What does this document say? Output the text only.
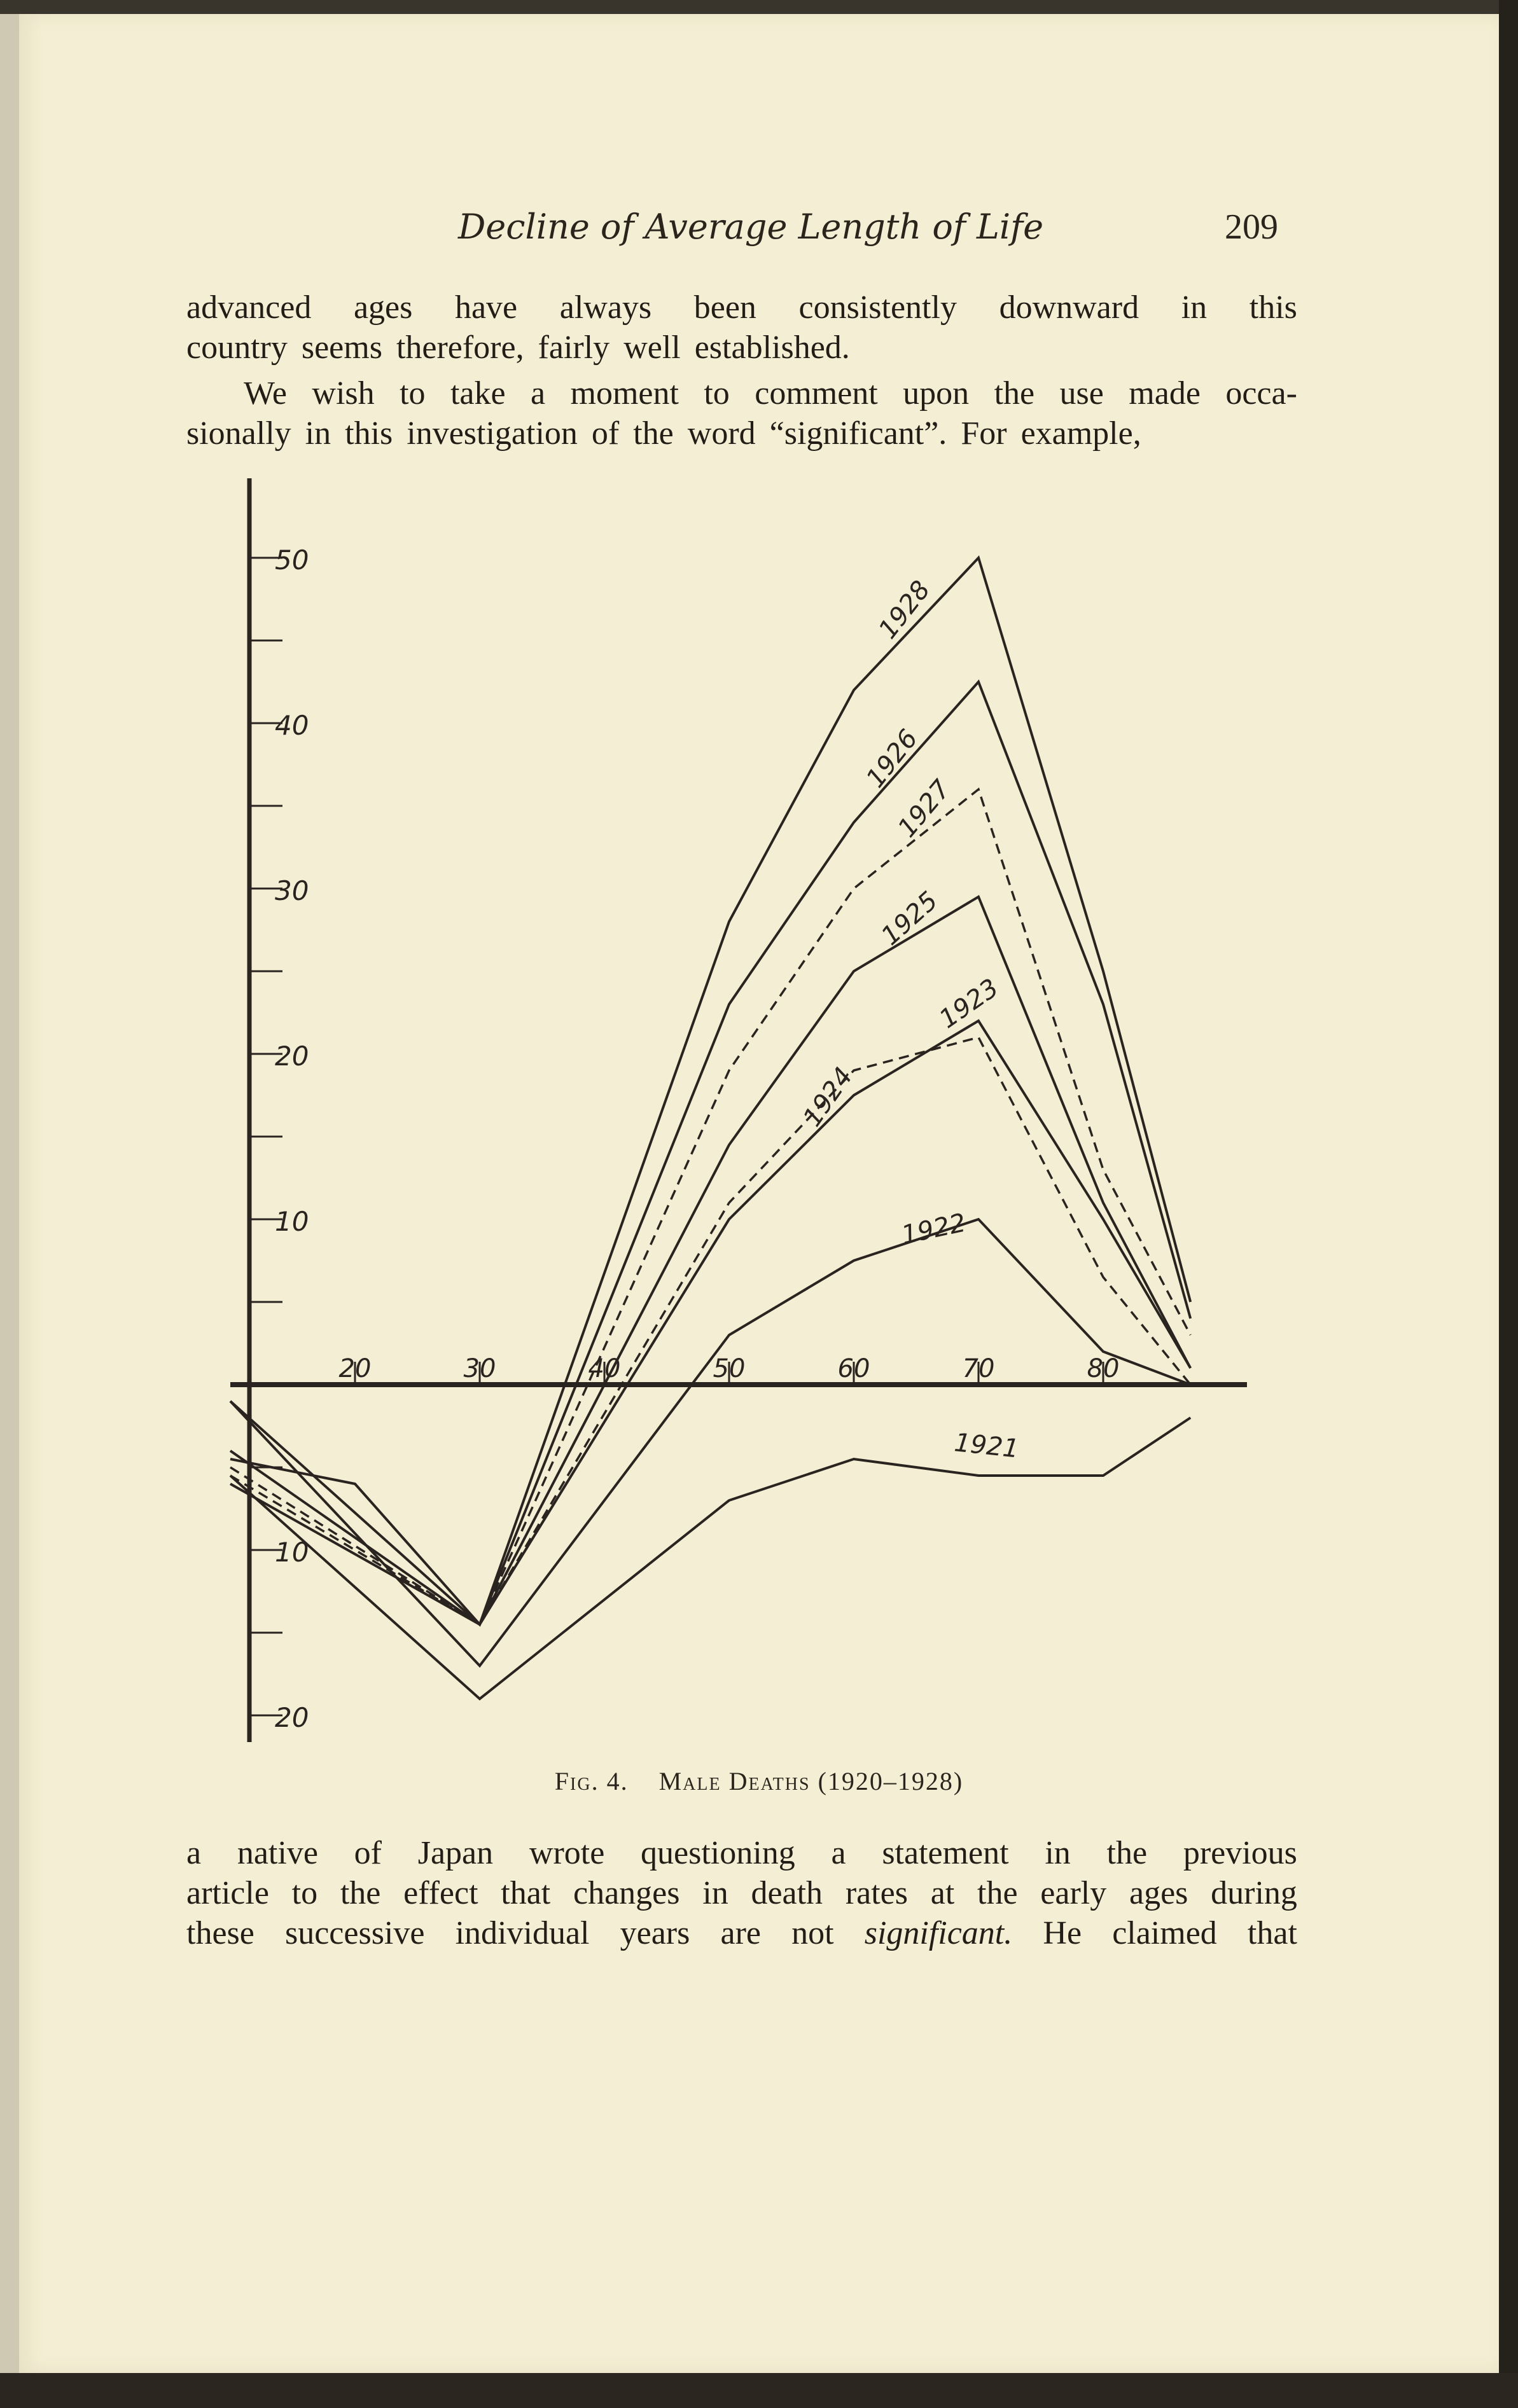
Decline of Average Length of Life	209
advanced ages have always been consistently downward in this
country seems therefore, fairly well established.
We wish to take a moment to comment upon the use made occa-
sionally in this investigation of the word “significant”. For example,
50
40
30
20
10
10
20
20	30	40	50	60	70	80
1928
1926
1927
1925
1924
1923
1922
1921
Fig. 4. Male Deaths (1920–1928)
a native of Japan wrote questioning a statement in the previous
article to the effect that changes in death rates at the early ages during
these successive individual years are not significant. He claimed that
